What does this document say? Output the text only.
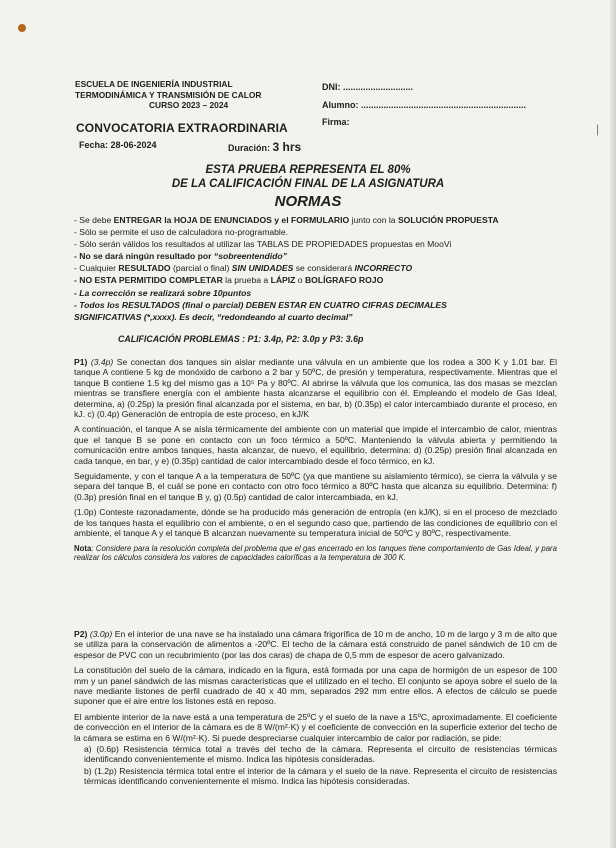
|
ESCUELA DE INGENIERÍA INDUSTRIAL
TERMODINÁMICA Y TRANSMISIÓN DE CALOR
CURSO 2023 – 2024
DNI: ............................
Alumno: ..................................................................
Firma:
CONVOCATORIA EXTRAORDINARIA
Fecha: 28-06-2024	Duración: 3 hrs
ESTA PRUEBA REPRESENTA EL 80%
DE LA CALIFICACIÓN FINAL DE LA ASIGNATURA
NORMAS
- Se debe ENTREGAR la HOJA DE ENUNCIADOS y el FORMULARIO junto con la SOLUCIÓN PROPUESTA
- Sólo se permite el uso de calculadora no-programable.
- Sólo serán válidos los resultados al utilizar las TABLAS DE PROPIEDADES propuestas en MooVi
- No se dará ningún resultado por “sobreentendido”
- Cualquier RESULTADO (parcial o final) SIN UNIDADES se considerará INCORRECTO
- NO ESTA PERMITIDO COMPLETAR la prueba a LÁPIZ o BOLÍGRAFO ROJO
- La corrección se realizará sobre 10puntos
- Todos los RESULTADOS (final o parcial) DEBEN ESTAR EN CUATRO CIFRAS DECIMALES
SIGNIFICATIVAS (*,xxxx). Es decir, “redondeando al cuarto decimal”
CALIFICACIÓN PROBLEMAS : P1: 3.4p, P2: 3.0p y P3: 3.6p

P1) (3.4p) Se conectan dos tanques sin aislar mediante una válvula en un ambiente que los rodea a 300 K y 1.01 bar. El tanque A contiene 5 kg de monóxido de carbono a 2 bar y 50ºC, de presión y temperatura, respectivamente. Mientras que el tanque B contiene 1.5 kg del mismo gas a 10⁵ Pa y 80ºC. Al abrirse la válvula que los comunica, las dos masas se mezclan mientras se transfiere energía con el ambiente hasta alcanzarse el equilibrio con él. Empleando el modelo de Gas Ideal, determina, a) (0.25p) la presión final alcanzada por el sistema, en bar, b) (0.35p) el calor intercambiado durante el proceso, en kJ. c) (0.4p) Generación de entropía de este proceso, en kJ/K

A continuación, el tanque A se aísla térmicamente del ambiente con un material que impide el intercambio de calor, mientras que el tanque B se pone en contacto con un foco térmico a 50ºC. Manteniendo la válvula abierta y permitiendo la comunicación entre ambos tanques, hasta alcanzar, de nuevo, el equilibrio, determina: d) (0.25p) presión final alcanzada en cada tanque, en bar, y e) (0.35p) cantidad de calor intercambiado desde el foco térmico, en kJ.

Seguidamente, y con el tanque A a la temperatura de 50ºC (ya que mantiene su aislamiento térmico), se cierra la válvula y se separa del tanque B, el cuál se pone en contacto con otro foco térmico a 80ºC hasta que alcanza su equilibrio. Determina: f) (0.3p) presión final en el tanque B y, g) (0.5p) cantidad de calor intercambiada, en kJ.

(1.0p) Conteste razonadamente, dónde se ha producido más generación de entropía (en kJ/K), si en el proceso de mezclado de los tanques hasta el equilibrio con el ambiente, o en el segundo caso que, partiendo de las condiciones de equilibrio con el ambiente, el tanque A y el tanque B alcanzan nuevamente su temperatura inicial de 50ºC y 80ºC, respectivamente.

Nota: Considere para la resolución completa del problema que el gas encerrado en los tanques tiene comportamiento de Gas Ideal, y para realizar los cálculos considera los valores de capacidades caloríficas a la temperatura de 300 K.

P2) (3.0p) En el interior de una nave se ha instalado una cámara frigorífica de 10 m de ancho, 10 m de largo y 3 m de alto que se utiliza para la conservación de alimentos a -20ºC. El techo de la cámara está construido de panel sándwich de 10 cm de espesor de PVC con un recubrimiento (por las dos caras) de chapa de 0,5 mm de espesor de acero galvanizado.

La constitución del suelo de la cámara, indicado en la figura, está formada por una capa de hormigón de un espesor de 100 mm y un panel sándwich de las mismas características que el utilizado en el techo. El conjunto se apoya sobre el suelo de la nave mediante listones de perfil cuadrado de 40 x 40 mm, separados 292 mm entre ellos. A efectos de cálculo se puede suponer que el aire entre los listones está en reposo.

El ambiente interior de la nave está a una temperatura de 25ºC y el suelo de la nave a 15ºC, aproximadamente. El coeficiente de convección en el interior de la cámara es de 8 W/(m²·K) y el coeficiente de convección en la superficie exterior del techo de la cámara se estima en 6 W/(m²·K). Si puede despreciarse cualquier intercambio de calor por radiación, se pide:

a) (0.6p) Resistencia térmica total a través del techo de la cámara. Representa el circuito de resistencias térmicas identificando convenientemente el mismo. Indica las hipótesis consideradas.

b) (1.2p) Resistencia térmica total entre el interior de la cámara y el suelo de la nave. Representa el circuito de resistencias térmicas identificando convenientemente el mismo. Indica las hipótesis consideradas.
